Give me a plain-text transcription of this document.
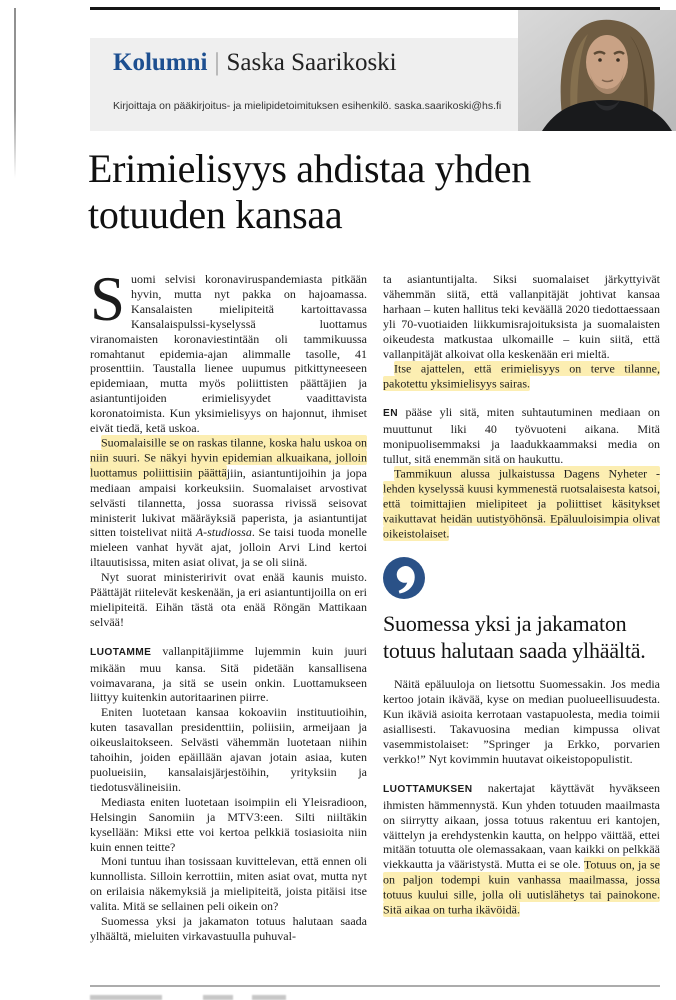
Kolumni | Saska Saarikoski
Kirjoittaja on pääkirjoitus- ja mielipidetoimituksen esihenkilö. saska.saarikoski@hs.fi
Erimielisyys ahdistaa yhden totuuden kansaa

Suomi selvisi koronaviruspandemiasta pitkään hyvin, mutta nyt pakka on hajoamassa. Kansalaisten mielipiteitä kartoittavassa Kansalaispulssi-kyselyssä luottamus viranomaisten koronaviestintään oli tammikuussa romahtanut epidemia-ajan alimmalle tasolle, 41 prosenttiin. Taustalla lienee uupumus pitkittyneeseen epidemiaan, mutta myös poliittisten päättäjien ja asiantuntijoiden erimielisyydet vaadittavista koronatoimista. Kun yksimielisyys on hajonnut, ihmiset eivät tiedä, ketä uskoa.

Suomalaisille se on raskas tilanne, koska halu uskoa on niin suuri. Se näkyi hyvin epidemian alkuaikana, jolloin luottamus poliittisiin päättäjiin, asiantuntijoihin ja jopa mediaan ampaisi korkeuksiin. Suomalaiset arvostivat selvästi tilannetta, jossa suorassa rivissä seisovat ministerit lukivat määräyksiä paperista, ja asiantuntijat sitten toistelivat niitä A-studiossa. Se taisi tuoda monelle mieleen vanhat hyvät ajat, jolloin Arvi Lind kertoi iltauutisissa, miten asiat olivat, ja se oli siinä.

Nyt suorat ministeririvit ovat enää kaunis muisto. Päättäjät riitelevät keskenään, ja eri asiantuntijoilla on eri mielipiteitä. Eihän tästä ota enää Röngän Mattikaan selvää!

LUOTAMME vallanpitäjiimme lujemmin kuin juuri mikään muu kansa. Sitä pidetään kansallisena voimavarana, ja sitä se usein onkin. Luottamukseen liittyy kuitenkin autoritaarinen piirre.

Eniten luotetaan kansaa kokoaviin instituutioihin, kuten tasavallan presidenttiin, poliisiin, armeijaan ja oikeuslaitokseen. Selvästi vähemmän luotetaan niihin tahoihin, joiden epäillään ajavan jotain asiaa, kuten puolueisiin, kansalaisjärjestöihin, yrityksiin ja tiedotusvälineisiin.

Mediasta eniten luotetaan isoimpiin eli Yleisradioon, Helsingin Sanomiin ja MTV3:een. Silti niiltäkin kysellään: Miksi ette voi kertoa pelkkiä tosiasioita niin kuin ennen teitte?

Moni tuntuu ihan tosissaan kuvittelevan, että ennen oli kunnollista. Silloin kerrottiin, miten asiat ovat, mutta nyt on erilaisia näkemyksiä ja mielipiteitä, joista pitäisi itse valita. Mitä se sellainen peli oikein on?

Suomessa yksi ja jakamaton totuus halutaan saada ylhäältä, mieluiten virkavastuulla puhuval-

ta asiantuntijalta. Siksi suomalaiset järkyttyivät vähemmän siitä, että vallanpitäjät johtivat kansaa harhaan – kuten hallitus teki keväällä 2020 tiedottaessaan yli 70-vuotiaiden liikkumisrajoituksista ja suomalaisten oikeudesta matkustaa ulkomaille – kuin siitä, että vallanpitäjät alkoivat olla keskenään eri mieltä.

Itse ajattelen, että erimielisyys on terve tilanne, pakotettu yksimielisyys sairas.

EN pääse yli sitä, miten suhtautuminen mediaan on muuttunut liki 40 työvuoteni aikana. Mitä monipuolisemmaksi ja laadukkaammaksi media on tullut, sitä enemmän sitä on haukuttu.

Tammikuun alussa julkaistussa Dagens Nyheter -lehden kyselyssä kuusi kymmenestä ruotsalaisesta katsoi, että toimittajien mielipiteet ja poliittiset käsitykset vaikuttavat heidän uutistyöhönsä. Epäluuloisimpia olivat oikeistolaiset.

Suomessa yksi ja jakamaton totuus halutaan saada ylhäältä.

Näitä epäluuloja on lietsottu Suomessakin. Jos media kertoo jotain ikävää, kyse on median puolueellisuudesta. Kun ikäviä asioita kerrotaan vastapuolesta, media toimii asiallisesti. Takavuosina median kimpussa olivat vasemmistolaiset: ”Springer ja Erkko, porvarien verkko!” Nyt kovimmin huutavat oikeistopopulistit.

LUOTTAMUKSEN nakertajat käyttävät hyväkseen ihmisten hämmennystä. Kun yhden totuuden maailmasta on siirrytty aikaan, jossa totuus rakentuu eri kantojen, väittelyn ja erehdystenkin kautta, on helppo väittää, ettei mitään totuutta ole olemassakaan, vaan kaikki on pelkkää viekkautta ja vääristystä. Mutta ei se ole. Totuus on, ja se on paljon todempi kuin vanhassa maailmassa, jossa totuus kuului sille, jolla oli uutislähetys tai painokone. Sitä aikaa on turha ikävöidä.
